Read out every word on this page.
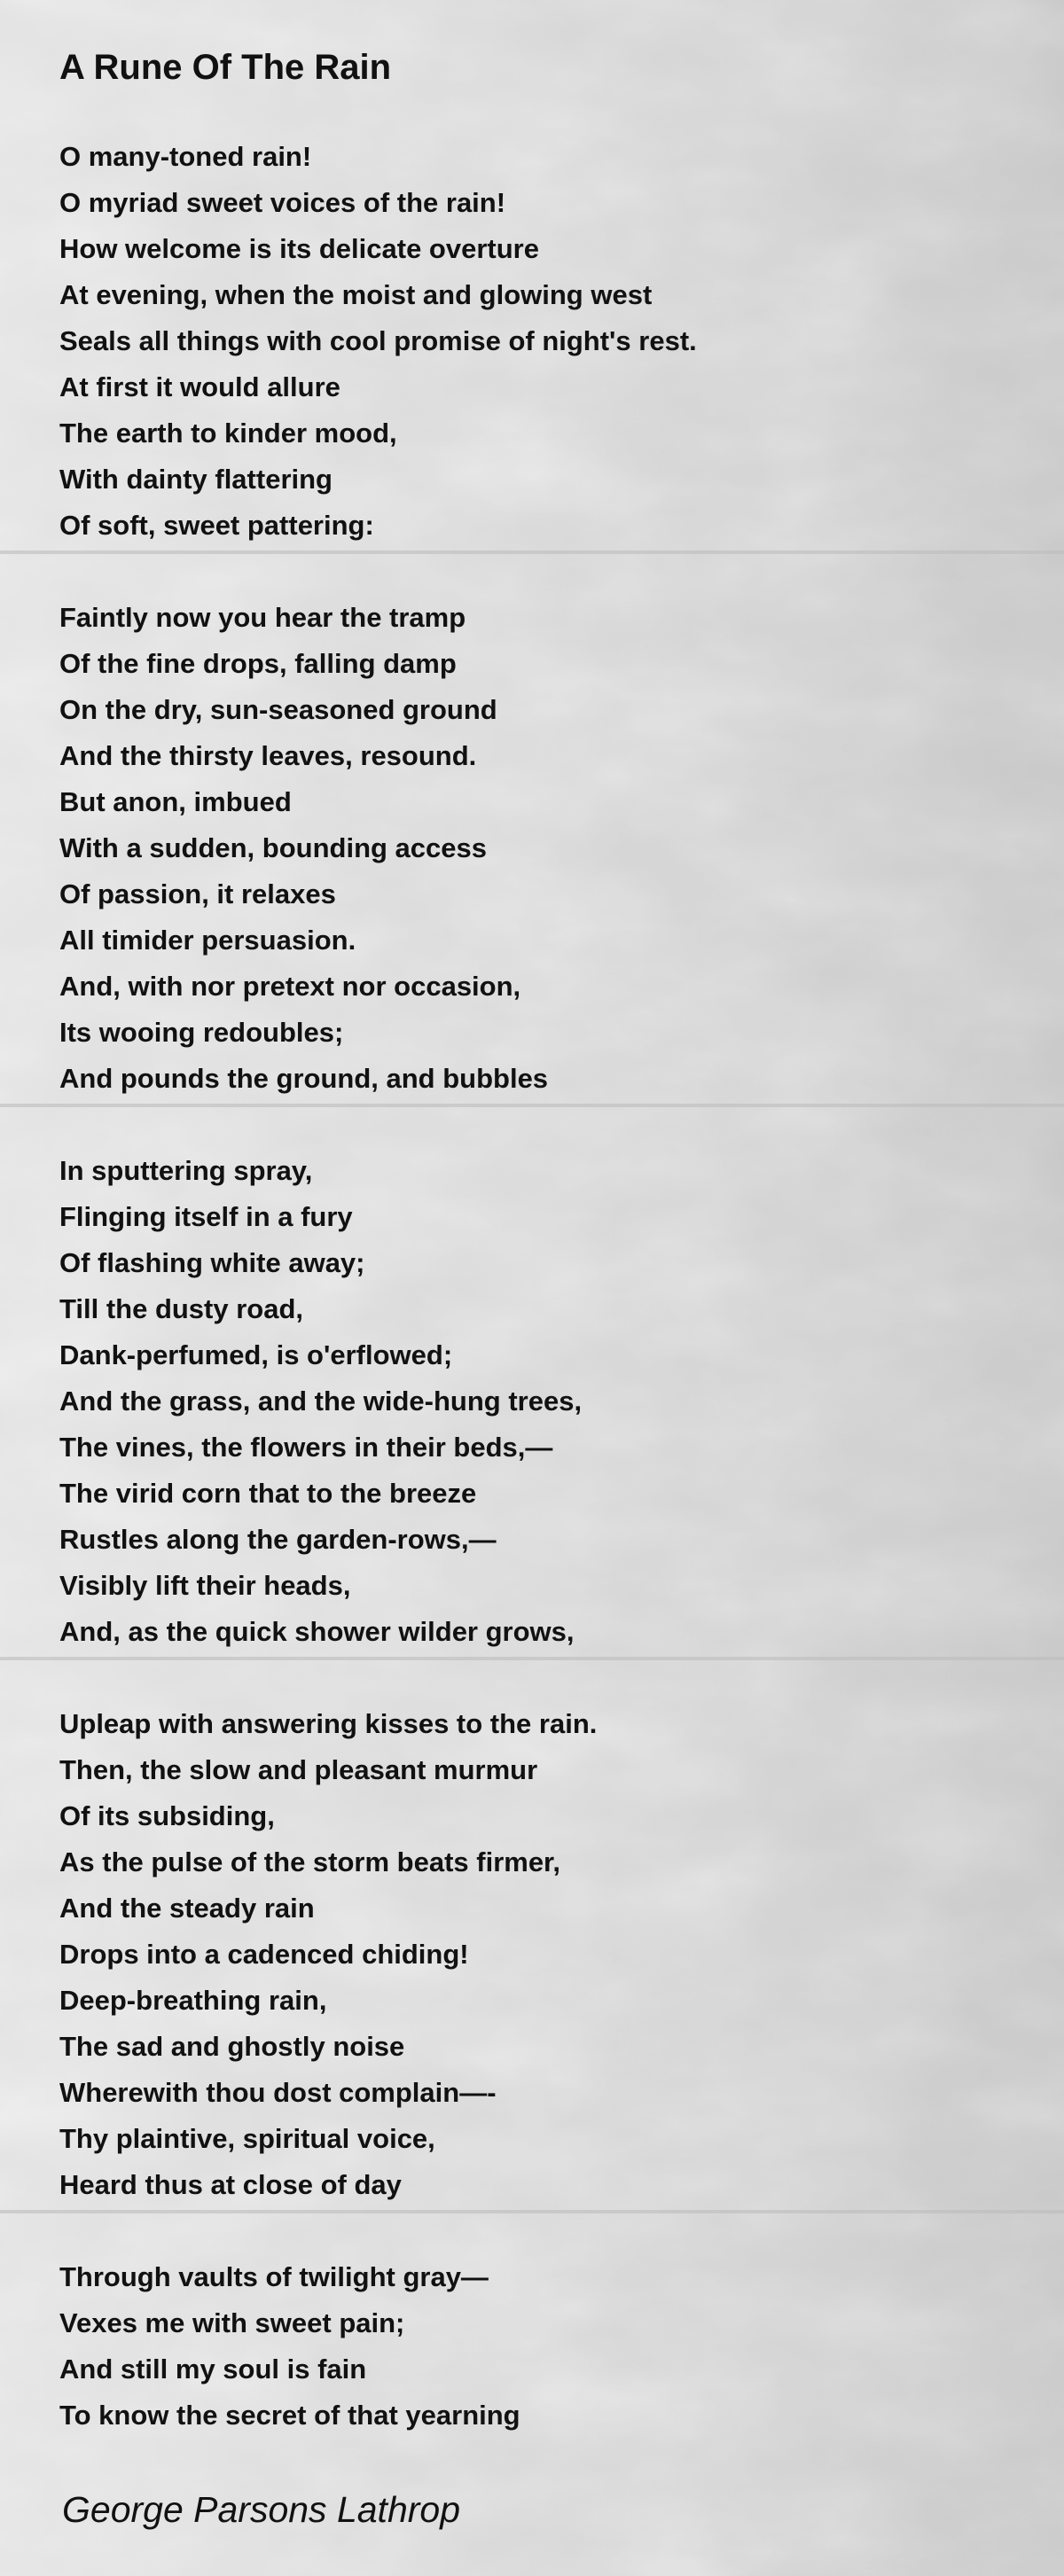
A Rune Of The Rain
O many-toned rain!
O myriad sweet voices of the rain!
How welcome is its delicate overture
At evening, when the moist and glowing west
Seals all things with cool promise of night's rest.
At first it would allure
The earth to kinder mood,
With dainty flattering
Of soft, sweet pattering:
Faintly now you hear the tramp
Of the fine drops, falling damp
On the dry, sun-seasoned ground
And the thirsty leaves, resound.
But anon, imbued
With a sudden, bounding access
Of passion, it relaxes
All timider persuasion.
And, with nor pretext nor occasion,
Its wooing redoubles;
And pounds the ground, and bubbles
In sputtering spray,
Flinging itself in a fury
Of flashing white away;
Till the dusty road,
Dank-perfumed, is o'erflowed;
And the grass, and the wide-hung trees,
The vines, the flowers in their beds,—
The virid corn that to the breeze
Rustles along the garden-rows,—
Visibly lift their heads,
And, as the quick shower wilder grows,
Upleap with answering kisses to the rain.
Then, the slow and pleasant murmur
Of its subsiding,
As the pulse of the storm beats firmer,
And the steady rain
Drops into a cadenced chiding!
Deep-breathing rain,
The sad and ghostly noise
Wherewith thou dost complain—-
Thy plaintive, spiritual voice,
Heard thus at close of day
Through vaults of twilight gray—
Vexes me with sweet pain;
And still my soul is fain
To know the secret of that yearning
George Parsons Lathrop
